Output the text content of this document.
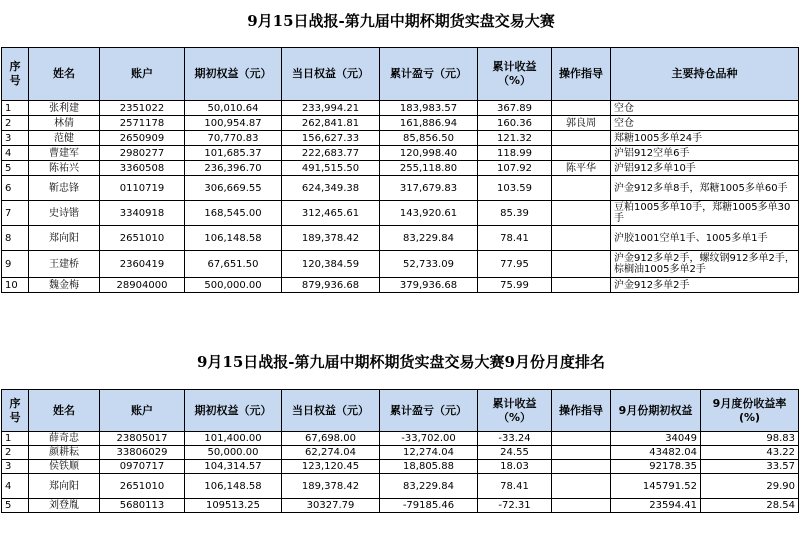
9月15日战报-第九届中期杯期货实盘交易大赛
序号	姓名	账户	期初权益（元）	当日权益（元）	累计盈亏（元）	累计收益（%）	操作指导	主要持仓品种
1	张利建	2351022	50,010.64	233,994.21	183,983.57	367.89		空仓
2	林倩	2571178	100,954.87	262,841.81	161,886.94	160.36	郭良周	空仓
3	范健	2650909	70,770.83	156,627.33	85,856.50	121.32		郑糖1005多单24手
4	曹建军	2980277	101,685.37	222,683.77	120,998.40	118.99		沪铝912空单6手
5	陈祐兴	3360508	236,396.70	491,515.50	255,118.80	107.92	陈平华	沪铝912多单10手
6	靳忠锋	0110719	306,669.55	624,349.38	317,679.83	103.59		沪金912多单8手，郑糖1005多单60手
7	史诗锴	3340918	168,545.00	312,465.61	143,920.61	85.39		豆粕1005多单10手，郑糖1005多单30手
8	郑向阳	2651010	106,148.58	189,378.42	83,229.84	78.41		沪胶1001空单1手、1005多单1手
9	王建桥	2360419	67,651.50	120,384.59	52,733.09	77.95		沪金912多单2手，螺纹钢912多单2手，棕榈油1005多单2手
10	魏金梅	28904000	500,000.00	879,936.68	379,936.68	75.99		沪金912多单2手
9月15日战报-第九届中期杯期货实盘交易大赛9月份月度排名
序号	姓名	账户	期初权益（元）	当日权益（元）	累计盈亏（元）	累计收益（%）	操作指导	9月份期初权益	9月度份收益率(%)
1	薛奇忠	23805017	101,400.00	67,698.00	-33,702.00	-33.24		34049	98.83
2	颜耕耘	33806029	50,000.00	62,274.04	12,274.04	24.55		43482.04	43.22
3	侯铁顺	0970717	104,314.57	123,120.45	18,805.88	18.03		92178.35	33.57
4	郑向阳	2651010	106,148.58	189,378.42	83,229.84	78.41		145791.52	29.90
5	刘登胤	5680113	109513.25	30327.79	-79185.46	-72.31		23594.41	28.54
